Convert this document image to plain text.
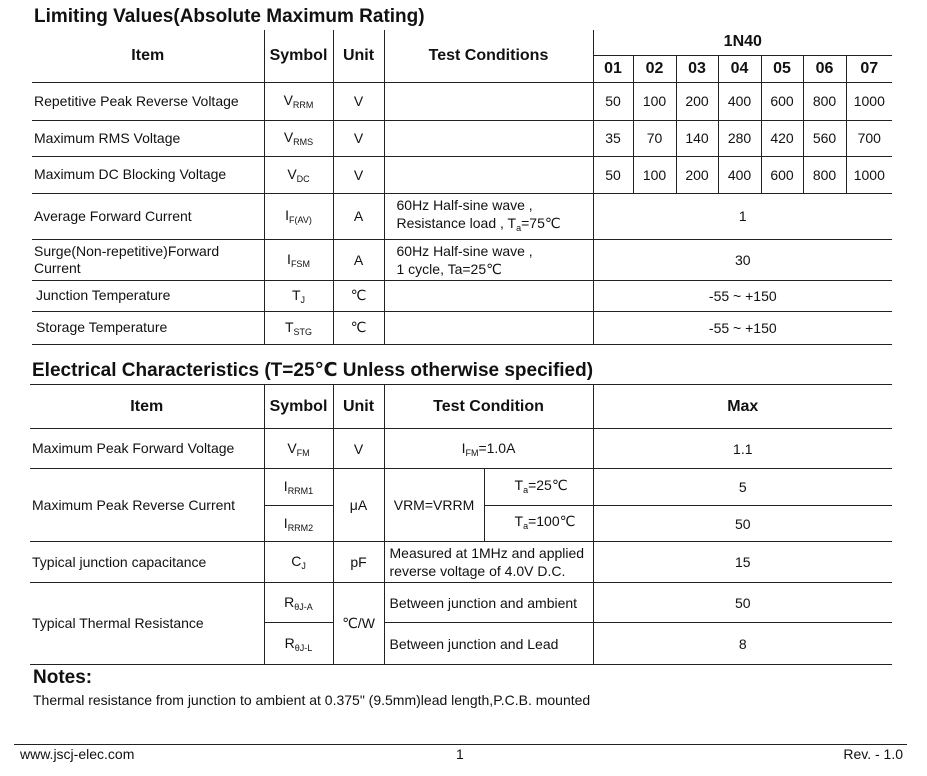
Limiting Values(Absolute Maximum Rating)
Item	Symbol	Unit	Test Conditions	1N40						
				01	02	03	04	05	06	07
Repetitive Peak Reverse Voltage	$V_{RRM}$	V		50	100	200	400	600	800	1000
Maximum RMS Voltage	$V_{RMS}$	V		35	70	140	280	420	560	700
Maximum DC Blocking Voltage	$V_{DC}$	V		50	100	200	400	600	800	1000
Average Forward Current	$I_{F(AV)}$	A	60Hz Half-sine wave ,
Resistance load , $T_a=75℃$	1						
Surge(Non-repetitive)Forward Current	$I_{FSM}$	A	60Hz Half-sine wave ,
1 cycle, Ta=25℃	30						
Junction Temperature	$T_J$	℃		-55 ~ +150						
Storage Temperature	$T_{STG}$	℃		-55 ~ +150						
Electrical Characteristics (T=25℃ Unless otherwise specified)
Item	Symbol	Unit	Test Condition		Max
Maximum Peak Forward Voltage	$V_{FM}$	V	$I_{FM}=1.0A$		1.1
Maximum Peak Reverse Current	$I_{RRM1}$	μA	VRM=VRRM	$T_a=25℃$	5
	$I_{RRM2}$			$T_a=100℃$	50
Typical junction capacitance	$C_J$	pF	Measured at 1MHz and applied
reverse voltage of 4.0V D.C.		15
Typical Thermal Resistance	$R_{\theta J-A}$	℃/W	Between junction and ambient		50
	$R_{\theta J-L}$		Between junction and Lead		8
Notes:

Thermal resistance from junction to ambient at 0.375" (9.5mm)lead length,P.C.B. mounted

www.jscj-elec.com	1	Rev. - 1.0
